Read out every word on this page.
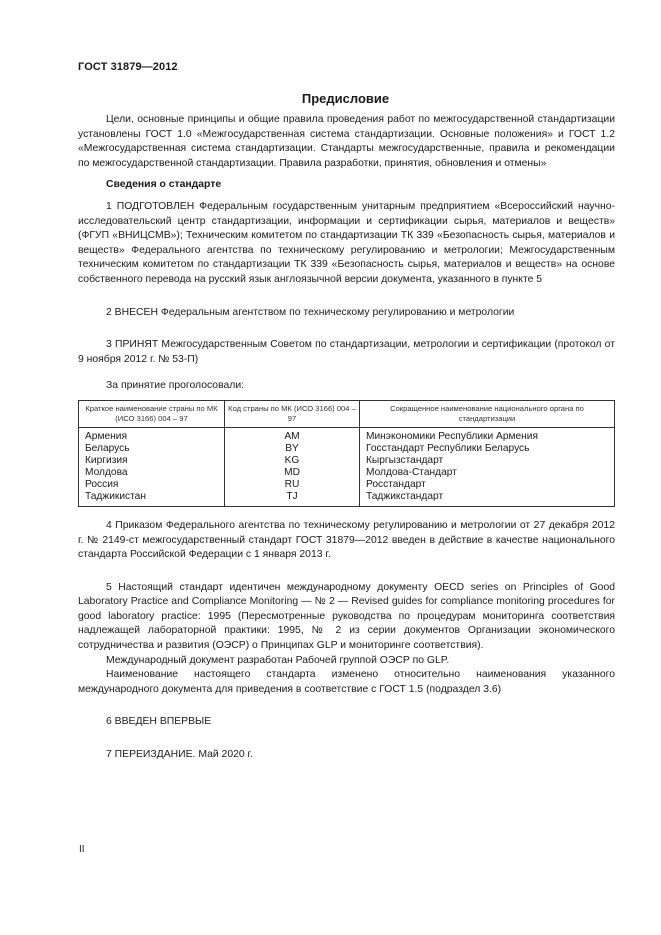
ГОСТ 31879—2012
Предисловие

Цели, основные принципы и общие правила проведения работ по межгосударственной стандартизации установлены ГОСТ 1.0 «Межгосударственная система стандартизации. Основные положения» и ГОСТ 1.2 «Межгосударственная система стандартизации. Стандарты межгосударственные, правила и рекомендации по межгосударственной стандартизации. Правила разработки, принятия, обновления и отмены»

Сведения о стандарте

1 ПОДГОТОВЛЕН Федеральным государственным унитарным предприятием «Всероссийский научно-исследовательский центр стандартизации, информации и сертификации сырья, материалов и веществ» (ФГУП «ВНИЦСМВ»); Техническим комитетом по стандартизации ТК 339 «Безопасность сырья, материалов и веществ» Федерального агентства по техническому регулированию и метрологии; Межгосударственным техническим комитетом по стандартизации ТК 339 «Безопасность сырья, материалов и веществ» на основе собственного перевода на русский язык англоязычной версии документа, указанного в пункте 5

2 ВНЕСЕН Федеральным агентством по техническому регулированию и метрологии

3 ПРИНЯТ Межгосударственным Советом по стандартизации, метрологии и сертификации (протокол от 9 ноября 2012 г. № 53-П)

За принятие проголосовали:

Краткое наименование страны по МК (ИСО 3166) 004 – 97	Код страны по МК (ИСО 3166) 004 – 97	Сокращенное наименование национального органа по стандартизации
Армения	AM	Минэкономики Республики Армения
Беларусь	BY	Госстандарт Республики Беларусь
Киргизия	KG	Кыргызстандарт
Молдова	MD	Молдова-Стандарт
Россия	RU	Росстандарт
Таджикистан	TJ	Таджикстандарт

4 Приказом Федерального агентства по техническому регулированию и метрологии от 27 декабря 2012 г. № 2149-ст межгосударственный стандарт ГОСТ 31879—2012 введен в действие в качестве национального стандарта Российской Федерации с 1 января 2013 г.

5 Настоящий стандарт идентичен международному документу OECD series on Principles of Good Laboratory Practice and Compliance Monitoring — № 2 — Revised guides for compliance monitoring procedures for good laboratory practice: 1995 (Пересмотренные руководства по процедурам мониторинга соответствия надлежащей лабораторной практики: 1995, № 2 из серии документов Организации экономического сотрудничества и развития (ОЭСР) о Принципах GLP и мониторинге соответствия).

Международный документ разработан Рабочей группой ОЭСР по GLP.

Наименование настоящего стандарта изменено относительно наименования указанного международного документа для приведения в соответствие с ГОСТ 1.5 (подраздел 3.6)

6 ВВЕДЕН ВПЕРВЫЕ

7 ПЕРЕИЗДАНИЕ. Май 2020 г.

II
